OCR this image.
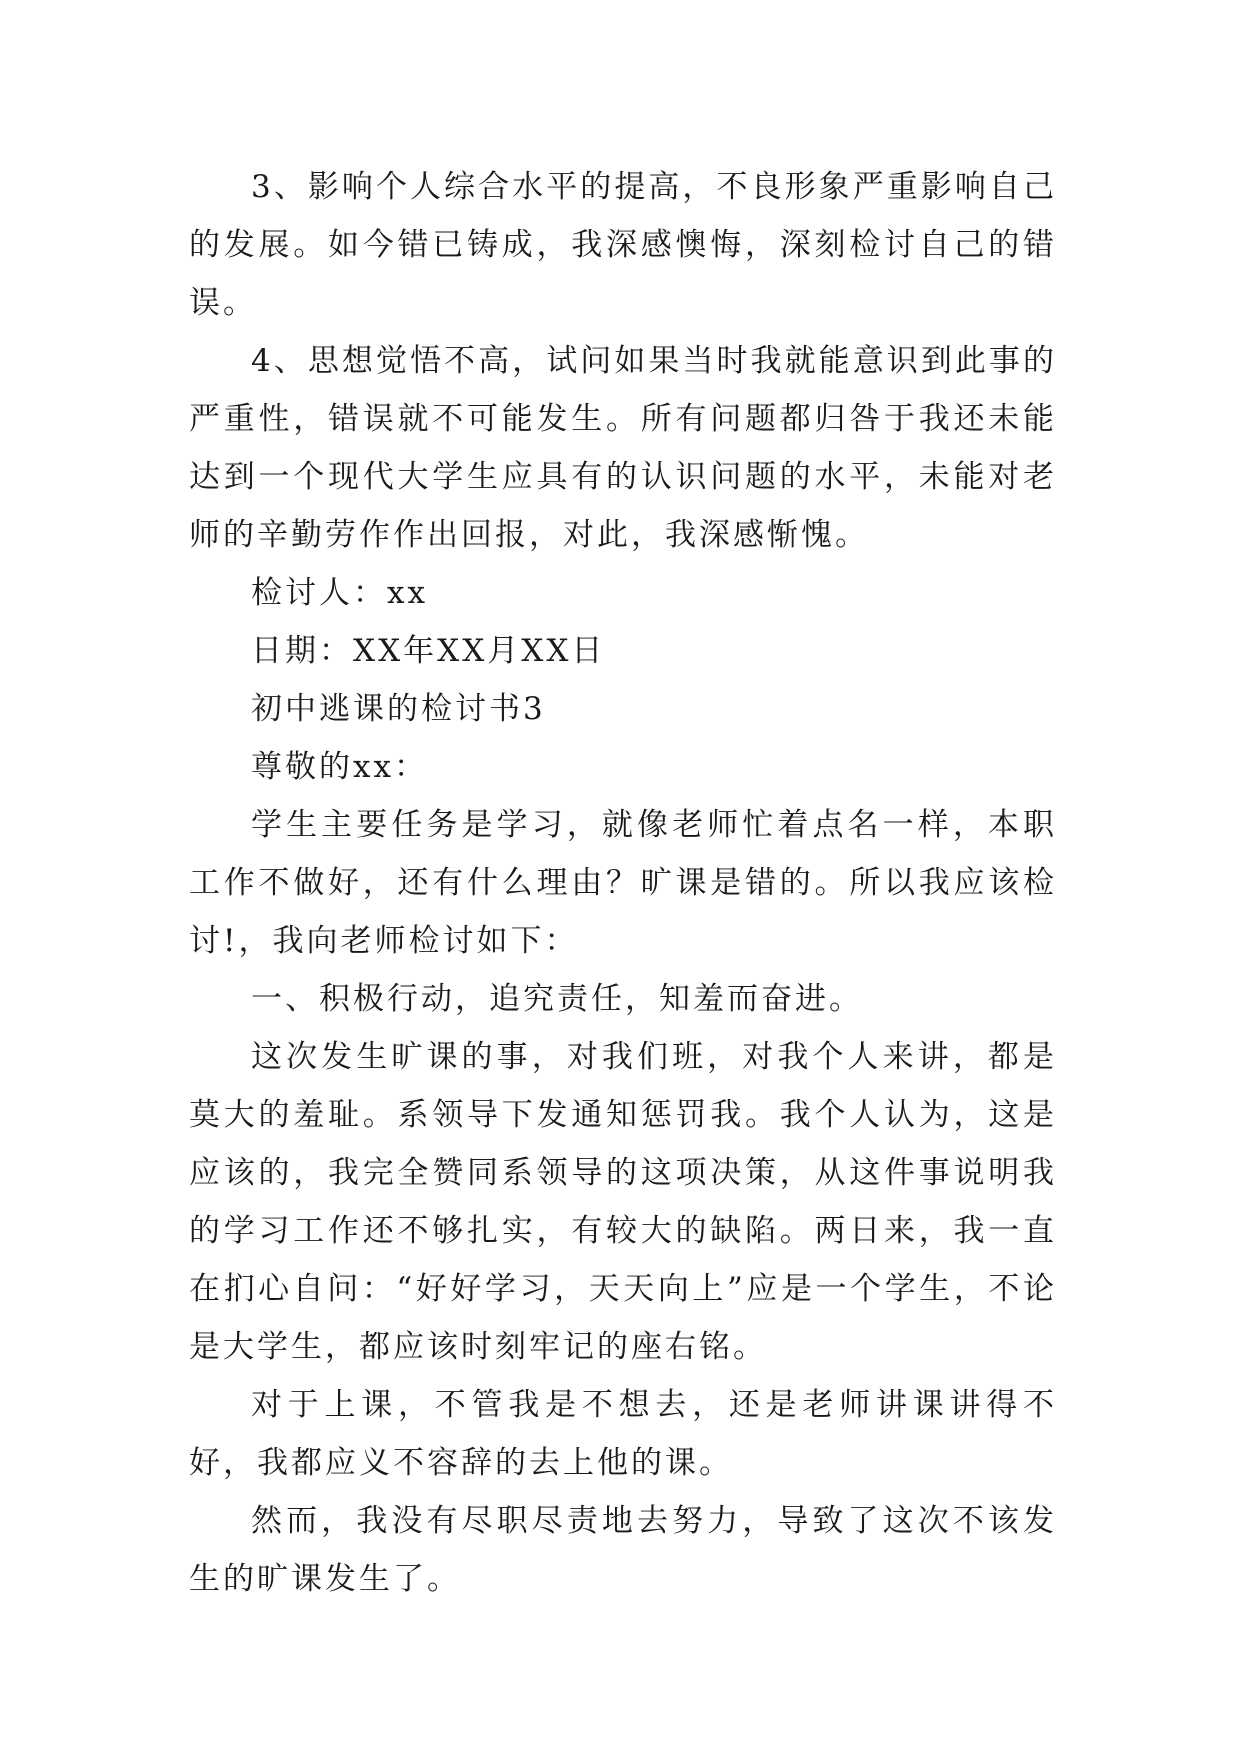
3、影响个人综合水平的提高，不良形象严重影响自己的发展。如今错已铸成，我深感懊悔，深刻检讨自己的错误。

4、思想觉悟不高，试问如果当时我就能意识到此事的严重性，错误就不可能发生。所有问题都归咎于我还未能达到一个现代大学生应具有的认识问题的水平，未能对老师的辛勤劳作作出回报，对此，我深感惭愧。

检讨人：xx

日期：XX年XX月XX日

初中逃课的检讨书3

尊敬的xx：

学生主要任务是学习，就像老师忙着点名一样，本职工作不做好，还有什么理由？旷课是错的。所以我应该检讨!，我向老师检讨如下：

一、积极行动，追究责任，知羞而奋进。

这次发生旷课的事，对我们班，对我个人来讲，都是莫大的羞耻。系领导下发通知惩罚我。我个人认为，这是应该的，我完全赞同系领导的这项决策，从这件事说明我的学习工作还不够扎实，有较大的缺陷。两日来，我一直在扪心自问：“好好学习，天天向上”应是一个学生，不论是大学生，都应该时刻牢记的座右铭。

对于上课，不管我是不想去，还是老师讲课讲得不好，我都应义不容辞的去上他的课。

然而，我没有尽职尽责地去努力，导致了这次不该发生的旷课发生了。
